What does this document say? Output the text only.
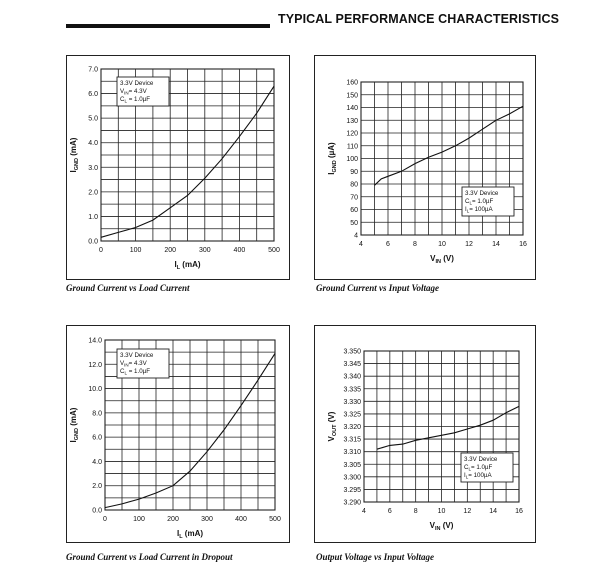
TYPICAL PERFORMANCE CHARACTERISTICS
Ground Current vs Load Current	Ground Current vs Input Voltage
Ground Current vs Load Current in Dropout	Output Voltage vs Input Voltage
0	100	200	300	400	500
0.0
1.0
2.0
3.0
4.0
5.0
6.0
7.0
$I_L$ (mA)
$I_{GND}$ (mA)
3.3V Device
$V_{IN}= 4.3V$
$C_L = 1.0\mu F$
4	6	8	10	12	14	16
4
50
60
70
80
90
100
110
120
130
140
150
160
$V_{IN}$ (V)
$I_{GND}$ (µA)
3.3V Device
$C_L= 1.0\mu F$
$I_L= 100\mu A$
0	100	200	300	400	500
0.0
2.0
4.0
6.0
8.0
10.0
12.0
14.0
$I_L$ (mA)
$I_{GND}$ (mA)
3.3V Device
$V_{IN}= 4.3V$
$C_L = 1.0\mu F$
4	6	8	10	12	14	16
3.290
3.295
3.300
3.305
3.310
3.315
3.320
3.325
3.330
3.335
3.340
3.345
3.350
$V_{IN}$ (V)
$V_{OUT}$ (V)
3.3V Device
$C_L= 1.0\mu F$
$I_L= 100\mu A$
